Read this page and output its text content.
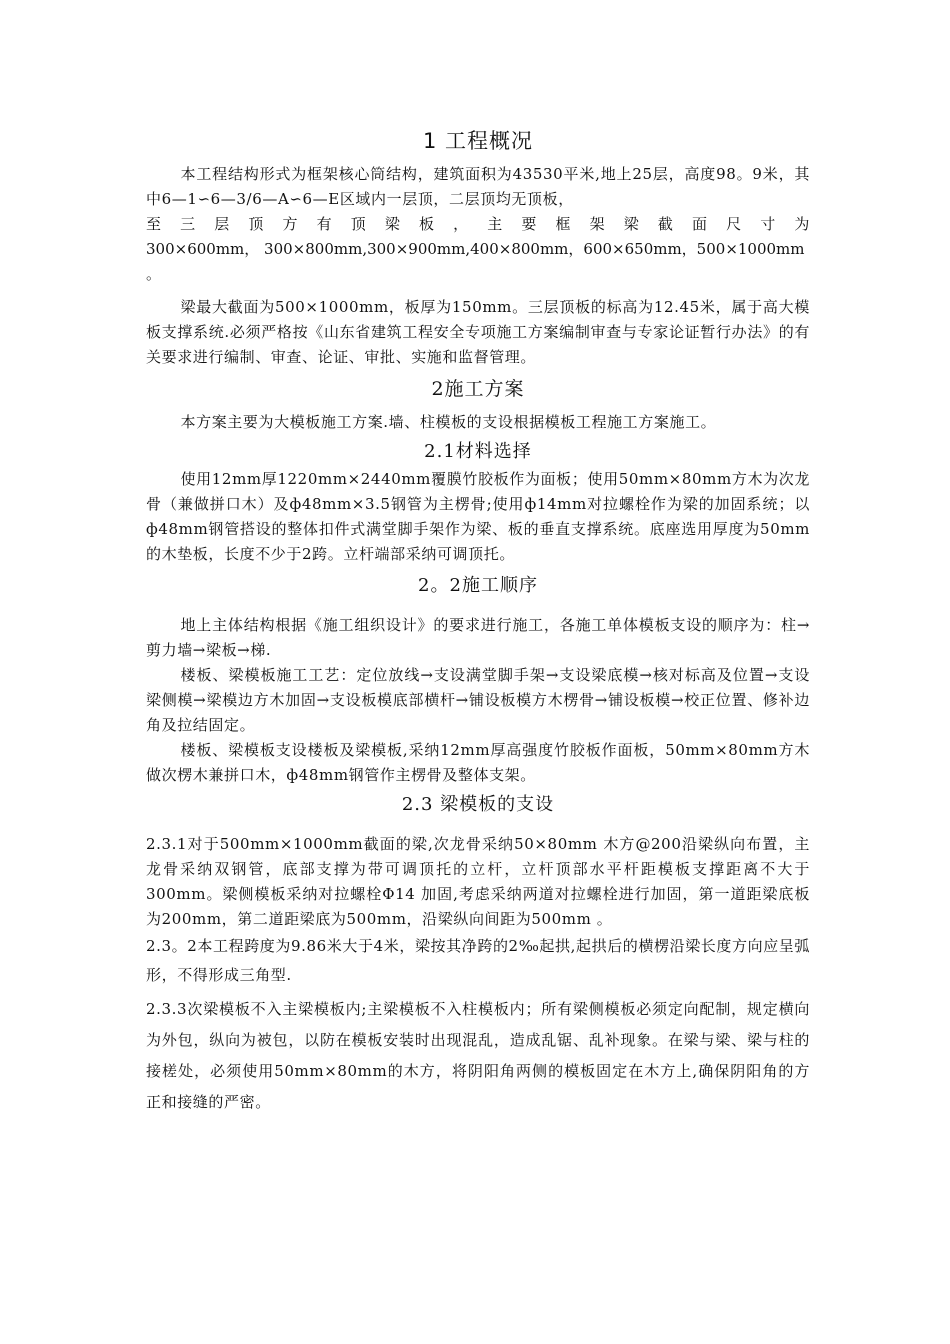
1 工程概况

本工程结构形式为框架核心筒结构，建筑面积为43530平米,地上25层，高度98。9米，其中6—1∽6—3/6—A∽6—E区域内一层顶，二层顶均无顶板，

至 三 层 顶 方 有 顶 梁 板 ， 主 要 框 架 梁 截 面 尺 寸 为

300×600mm， 300×800mm,300×900mm,400×800mm，600×650mm，500×1000mm

。

梁最大截面为500×1000mm，板厚为150mm。三层顶板的标高为12.45米，属于高大模板支撑系统.必须严格按《山东省建筑工程安全专项施工方案编制审查与专家论证暂行办法》的有关要求进行编制、审查、论证、审批、实施和监督管理。

2施工方案

本方案主要为大模板施工方案.墙、柱模板的支设根据模板工程施工方案施工。

2.1材料选择

使用12mm厚1220mm×2440mm覆膜竹胶板作为面板；使用50mm×80mm方木为次龙骨（兼做拼口木）及ф48mm×3.5钢管为主楞骨;使用ф14mm对拉螺栓作为梁的加固系统；以ф48mm钢管搭设的整体扣件式满堂脚手架作为梁、板的垂直支撑系统。底座选用厚度为50mm 的木垫板，长度不少于2跨。立杆端部采纳可调顶托。

2。2施工顺序

地上主体结构根据《施工组织设计》的要求进行施工，各施工单体模板支设的顺序为：柱→剪力墙→梁板→梯.

楼板、梁模板施工工艺：定位放线→支设满堂脚手架→支设梁底模→核对标高及位置→支设梁侧模→梁模边方木加固→支设板模底部横杆→铺设板模方木楞骨→铺设板模→校正位置、修补边角及拉结固定。

楼板、梁模板支设楼板及梁模板,采纳12mm厚高强度竹胶板作面板，50mm×80mm方木做次楞木兼拼口木，ф48mm钢管作主楞骨及整体支架。

2.3 梁模板的支设

2.3.1对于500mm×1000mm截面的梁,次龙骨采纳50×80mm 木方@200沿梁纵向布置，主龙骨采纳双钢管，底部支撑为带可调顶托的立杆，立杆顶部水平杆距模板支撑距离不大于300mm。梁侧模板采纳对拉螺栓Φ14 加固,考虑采纳两道对拉螺栓进行加固，第一道距梁底板为200mm，第二道距梁底为500mm，沿梁纵向间距为500mm 。

2.3。2本工程跨度为9.86米大于4米，梁按其净跨的2‰起拱,起拱后的横楞沿梁长度方向应呈弧形，不得形成三角型.

2.3.3次梁模板不入主梁模板内;主梁模板不入柱模板内；所有梁侧模板必须定向配制，规定横向为外包，纵向为被包，以防在模板安装时出现混乱，造成乱锯、乱补现象。在梁与梁、梁与柱的接槎处，必须使用50mm×80mm的木方，将阴阳角两侧的模板固定在木方上,确保阴阳角的方正和接缝的严密。
